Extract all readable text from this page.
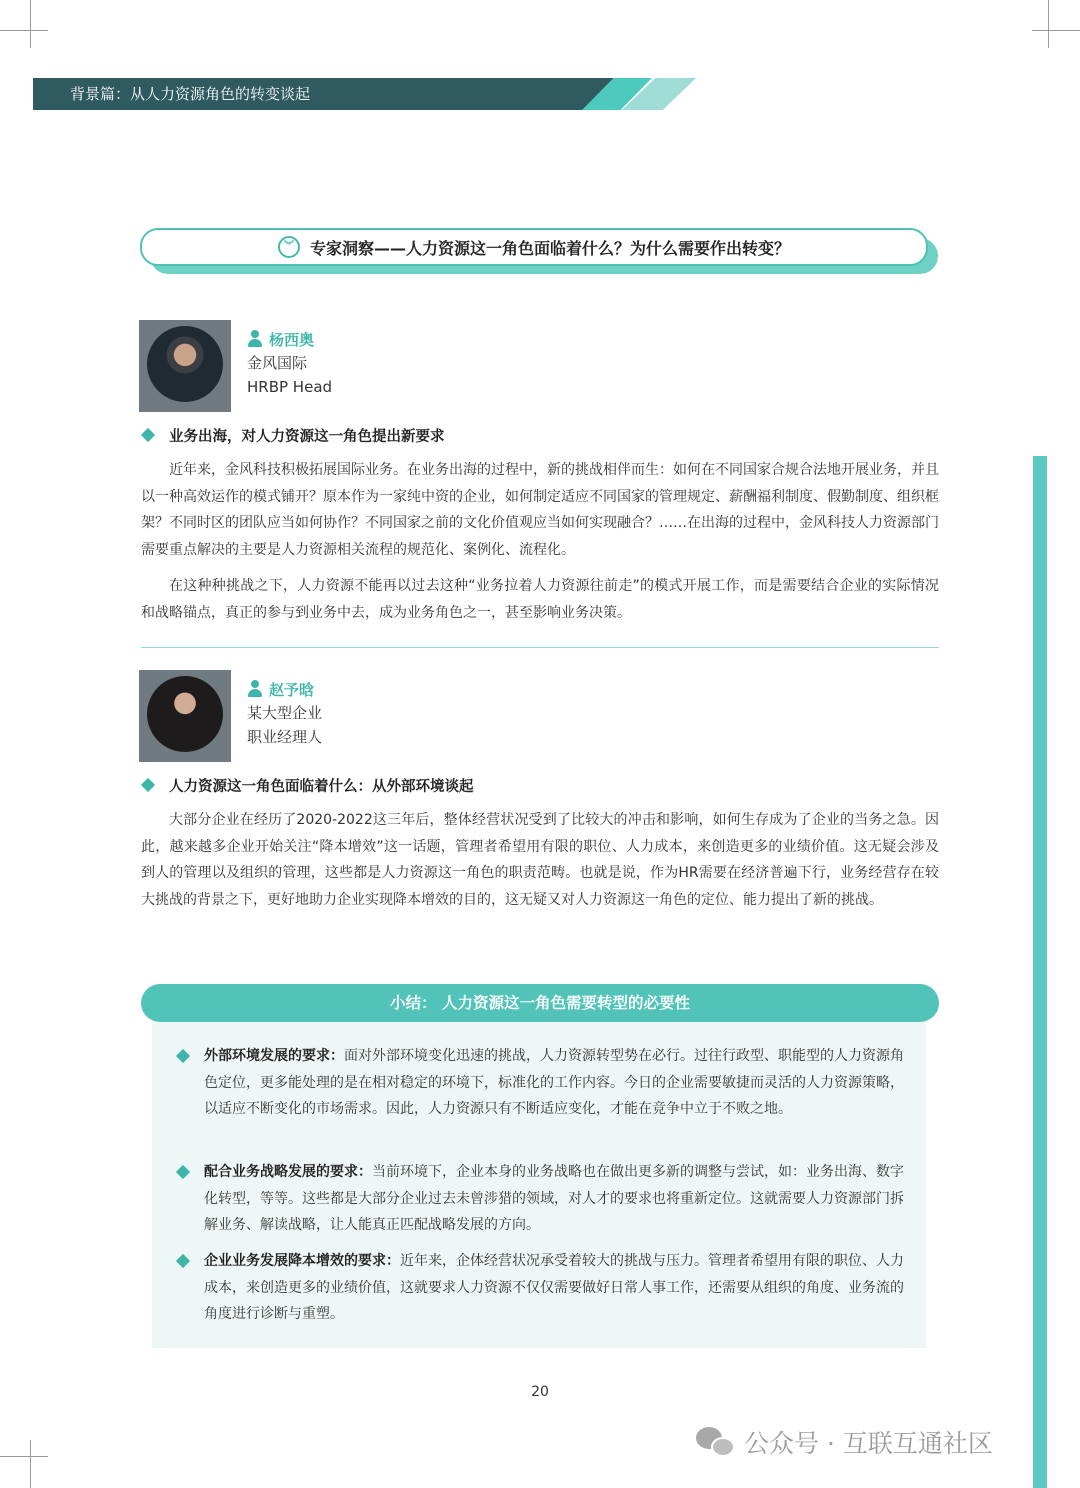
背景篇：从人力资源角色的转变谈起
︾	专家洞察——人力资源这一角色面临着什么？为什么需要作出转变？
杨西奥
金风国际
HRBP Head
业务出海，对人力资源这一角色提出新要求
近年来，金风科技积极拓展国际业务。在业务出海的过程中，新的挑战相伴而生：如何在不同国家合规合法地开展业务，并且以一种高效运作的模式铺开？原本作为一家纯中资的企业，如何制定适应不同国家的管理规定、薪酬福利制度、假勤制度、组织框架？不同时区的团队应当如何协作？不同国家之前的文化价值观应当如何实现融合？……在出海的过程中，金风科技人力资源部门需要重点解决的主要是人力资源相关流程的规范化、案例化、流程化。
在这种种挑战之下，人力资源不能再以过去这种“业务拉着人力资源往前走”的模式开展工作，而是需要结合企业的实际情况和战略锚点，真正的参与到业务中去，成为业务角色之一，甚至影响业务决策。
赵予晗
某大型企业
职业经理人
人力资源这一角色面临着什么：从外部环境谈起
大部分企业在经历了2020-2022这三年后，整体经营状况受到了比较大的冲击和影响，如何生存成为了企业的当务之急。因此，越来越多企业开始关注“降本增效”这一话题，管理者希望用有限的职位、人力成本，来创造更多的业绩价值。这无疑会涉及到人的管理以及组织的管理，这些都是人力资源这一角色的职责范畴。也就是说，作为HR需要在经济普遍下行，业务经营存在较大挑战的背景之下，更好地助力企业实现降本增效的目的，这无疑又对人力资源这一角色的定位、能力提出了新的挑战。
小结： 人力资源这一角色需要转型的必要性
外部环境发展的要求：面对外部环境变化迅速的挑战，人力资源转型势在必行。过往行政型、职能型的人力资源角色定位，更多能处理的是在相对稳定的环境下，标准化的工作内容。今日的企业需要敏捷而灵活的人力资源策略，以适应不断变化的市场需求。因此，人力资源只有不断适应变化，才能在竞争中立于不败之地。
配合业务战略发展的要求：当前环境下，企业本身的业务战略也在做出更多新的调整与尝试，如：业务出海、数字化转型，等等。这些都是大部分企业过去未曾涉猎的领域，对人才的要求也将重新定位。这就需要人力资源部门拆解业务、解读战略，让人能真正匹配战略发展的方向。
企业业务发展降本增效的要求：近年来，企体经营状况承受着较大的挑战与压力。管理者希望用有限的职位、人力成本，来创造更多的业绩价值，这就要求人力资源不仅仅需要做好日常人事工作，还需要从组织的角度、业务流的角度进行诊断与重塑。
20
公众号 · 互联互通社区
